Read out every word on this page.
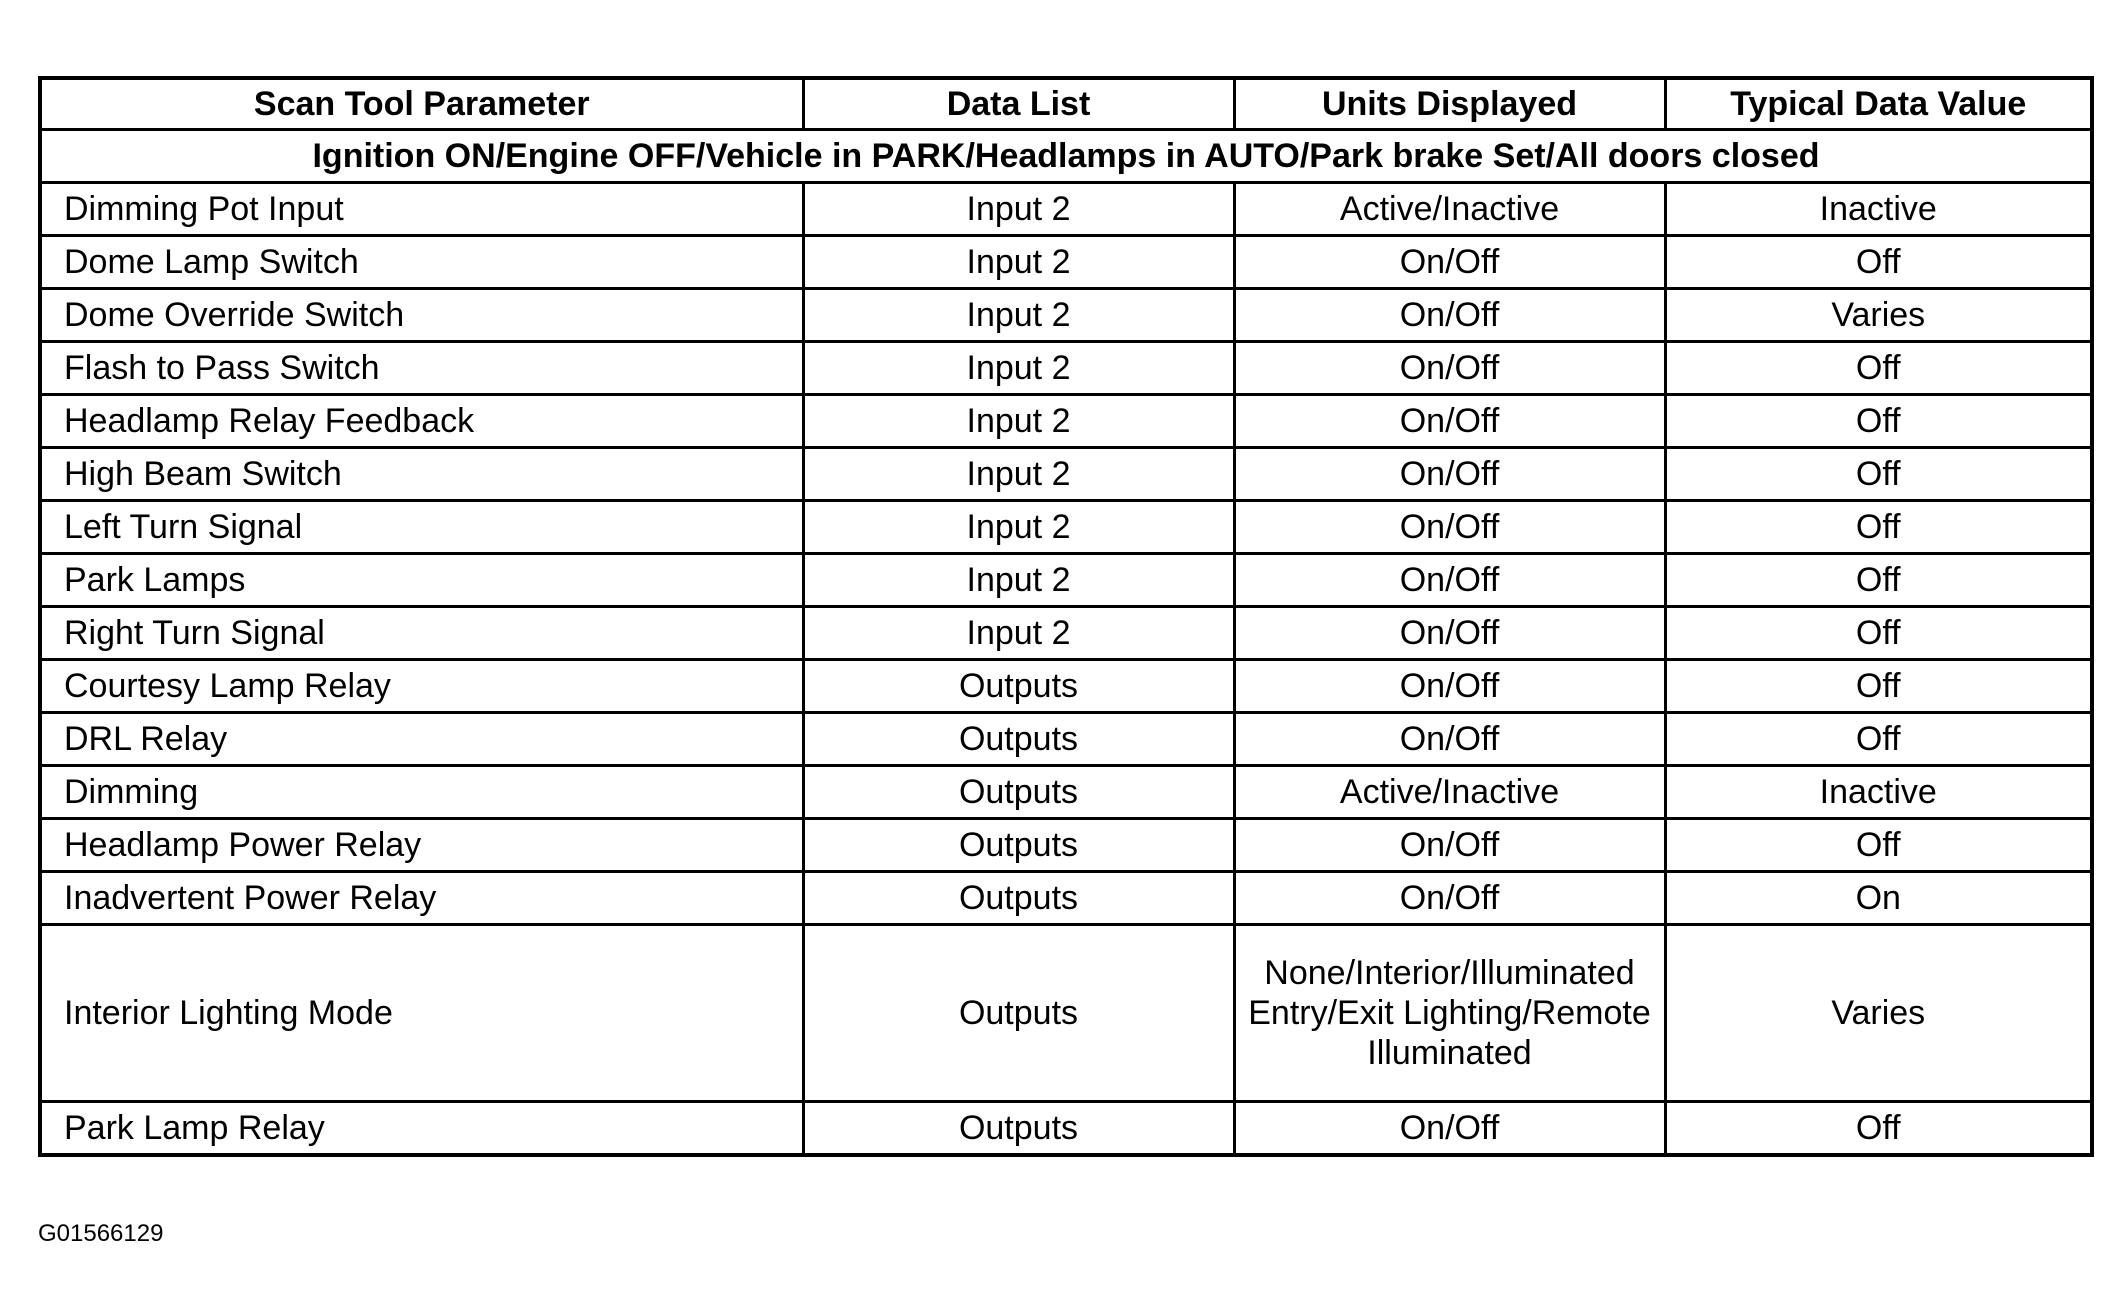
Scan Tool Parameter	Data List	Units Displayed	Typical Data Value
Ignition ON/Engine OFF/Vehicle in PARK/Headlamps in AUTO/Park brake Set/All doors closed			
Dimming Pot Input	Input 2	Active/Inactive	Inactive
Dome Lamp Switch	Input 2	On/Off	Off
Dome Override Switch	Input 2	On/Off	Varies
Flash to Pass Switch	Input 2	On/Off	Off
Headlamp Relay Feedback	Input 2	On/Off	Off
High Beam Switch	Input 2	On/Off	Off
Left Turn Signal	Input 2	On/Off	Off
Park Lamps	Input 2	On/Off	Off
Right Turn Signal	Input 2	On/Off	Off
Courtesy Lamp Relay	Outputs	On/Off	Off
DRL Relay	Outputs	On/Off	Off
Dimming	Outputs	Active/Inactive	Inactive
Headlamp Power Relay	Outputs	On/Off	Off
Inadvertent Power Relay	Outputs	On/Off	On
Interior Lighting Mode	Outputs	None/Interior/Illuminated Entry/Exit Lighting/Remote Illuminated	Varies
Park Lamp Relay	Outputs	On/Off	Off
G01566129
